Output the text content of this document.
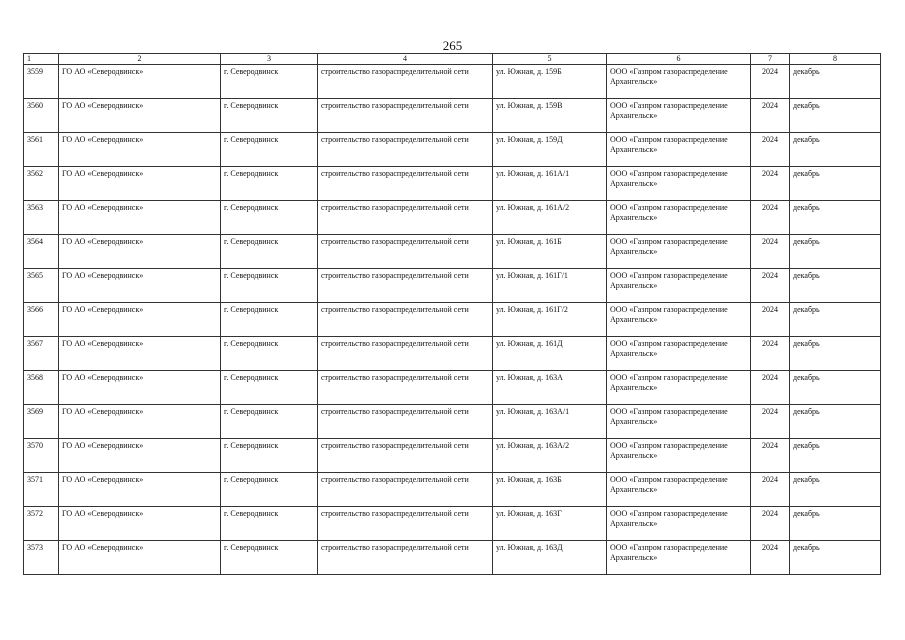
265
1	2	3	4	5	6	7	8
3559	ГО АО «Северодвинск»	г. Северодвинск	строительство газораспределительной сети	ул. Южная, д. 159Б	ООО «Газпром газораспределение Архангельск»	2024	декабрь
3560	ГО АО «Северодвинск»	г. Северодвинск	строительство газораспределительной сети	ул. Южная, д. 159В	ООО «Газпром газораспределение Архангельск»	2024	декабрь
3561	ГО АО «Северодвинск»	г. Северодвинск	строительство газораспределительной сети	ул. Южная, д. 159Д	ООО «Газпром газораспределение Архангельск»	2024	декабрь
3562	ГО АО «Северодвинск»	г. Северодвинск	строительство газораспределительной сети	ул. Южная, д. 161А/1	ООО «Газпром газораспределение Архангельск»	2024	декабрь
3563	ГО АО «Северодвинск»	г. Северодвинск	строительство газораспределительной сети	ул. Южная, д. 161А/2	ООО «Газпром газораспределение Архангельск»	2024	декабрь
3564	ГО АО «Северодвинск»	г. Северодвинск	строительство газораспределительной сети	ул. Южная, д. 161Б	ООО «Газпром газораспределение Архангельск»	2024	декабрь
3565	ГО АО «Северодвинск»	г. Северодвинск	строительство газораспределительной сети	ул. Южная, д. 161Г/1	ООО «Газпром газораспределение Архангельск»	2024	декабрь
3566	ГО АО «Северодвинск»	г. Северодвинск	строительство газораспределительной сети	ул. Южная, д. 161Г/2	ООО «Газпром газораспределение Архангельск»	2024	декабрь
3567	ГО АО «Северодвинск»	г. Северодвинск	строительство газораспределительной сети	ул. Южная, д. 161Д	ООО «Газпром газораспределение Архангельск»	2024	декабрь
3568	ГО АО «Северодвинск»	г. Северодвинск	строительство газораспределительной сети	ул. Южная, д. 163А	ООО «Газпром газораспределение Архангельск»	2024	декабрь
3569	ГО АО «Северодвинск»	г. Северодвинск	строительство газораспределительной сети	ул. Южная, д. 163А/1	ООО «Газпром газораспределение Архангельск»	2024	декабрь
3570	ГО АО «Северодвинск»	г. Северодвинск	строительство газораспределительной сети	ул. Южная, д. 163А/2	ООО «Газпром газораспределение Архангельск»	2024	декабрь
3571	ГО АО «Северодвинск»	г. Северодвинск	строительство газораспределительной сети	ул. Южная, д. 163Б	ООО «Газпром газораспределение Архангельск»	2024	декабрь
3572	ГО АО «Северодвинск»	г. Северодвинск	строительство газораспределительной сети	ул. Южная, д. 163Г	ООО «Газпром газораспределение Архангельск»	2024	декабрь
3573	ГО АО «Северодвинск»	г. Северодвинск	строительство газораспределительной сети	ул. Южная, д. 163Д	ООО «Газпром газораспределение Архангельск»	2024	декабрь
